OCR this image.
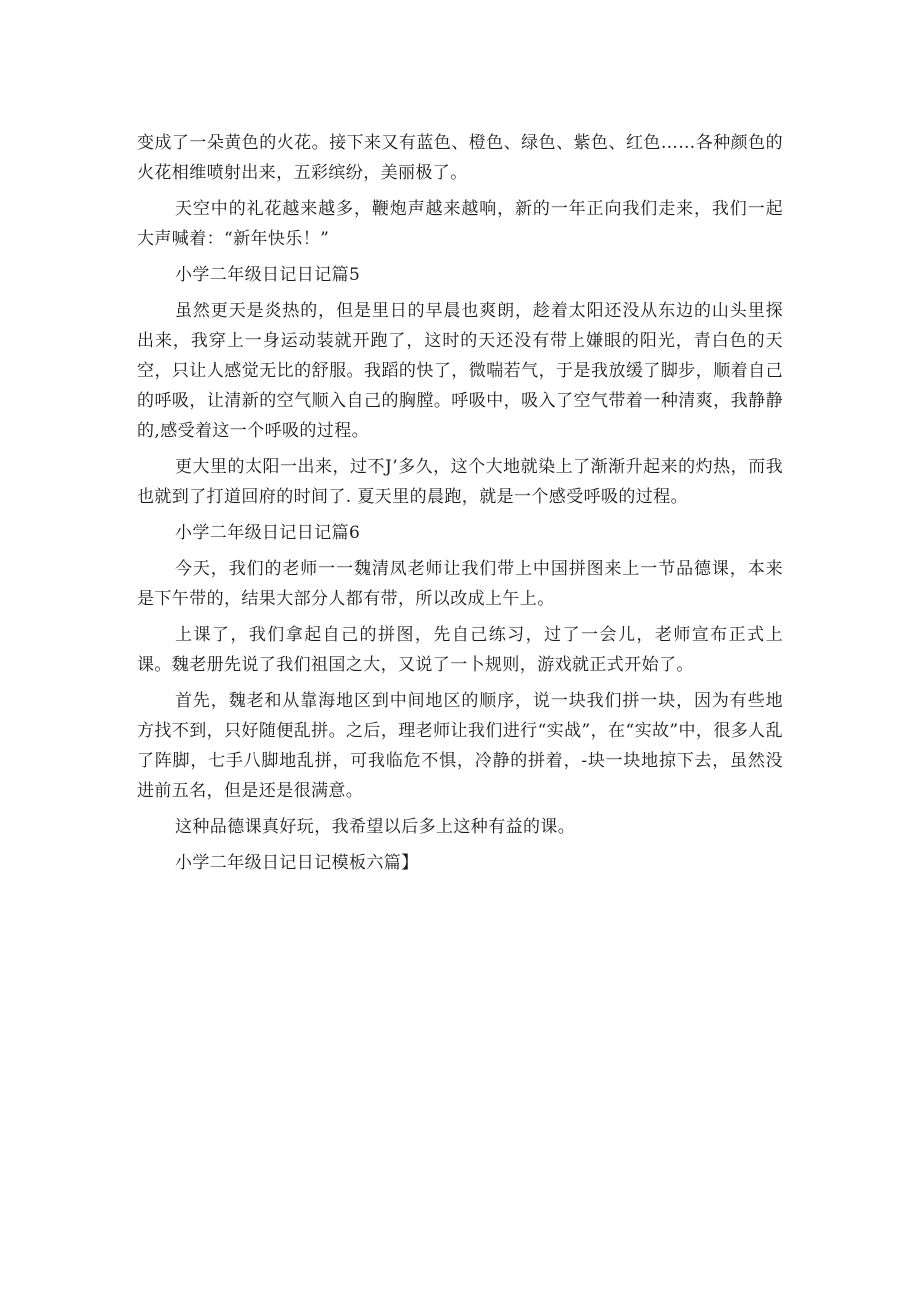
变成了一朵黄色的火花。接下来又有蓝色、橙色、绿色、紫色、红色……各种颜色的火花相维喷射出来，五彩缤纷，美丽极了。

天空中的礼花越来越多，鞭炮声越来越响，新的一年正向我们走来，我们一起大声喊着：“新年快乐！”

小学二年级日记日记篇5

虽然更天是炎热的，但是里日的早晨也爽朗，趁着太阳还没从东边的山头里探出来，我穿上一身运动装就开跑了，这时的天还没有带上嫌眼的阳光，青白色的天空，只让人感觉无比的舒服。我蹈的快了，微喘若气，于是我放缓了脚步，顺着自己的呼吸，让清新的空气顺入自己的胸膛。呼吸中，吸入了空气带着一种清爽，我静静的,感受着这一个呼吸的过程。

更大里的太阳一出来，过不J’多久，这个大地就染上了渐渐升起来的灼热，而我也就到了打道回府的时间了. 夏天里的晨跑，就是一个感受呼吸的过程。

小学二年级日记日记篇6

今天，我们的老师一一魏清凤老师让我们带上中国拼图来上一节品德课，本来是下午带的，结果大部分人都有带，所以改成上午上。

上课了，我们拿起自己的拼图，先自己练习，过了一会儿，老师宣布正式上课。魏老册先说了我们祖国之大，又说了一卜规则，游戏就正式开始了。

首先，魏老和从靠海地区到中间地区的顺序，说一块我们拼一块，因为有些地方找不到，只好随便乱拼。之后，理老师让我们进行“实战”，在“实故”中，很多人乱了阵脚，七手八脚地乱拼，可我临危不惧，冷静的拼着，-块一块地掠下去，虽然没进前五名，但是还是很满意。

这种品德课真好玩，我希望以后多上这种有益的课。

小学二年级日记日记模板六篇】
